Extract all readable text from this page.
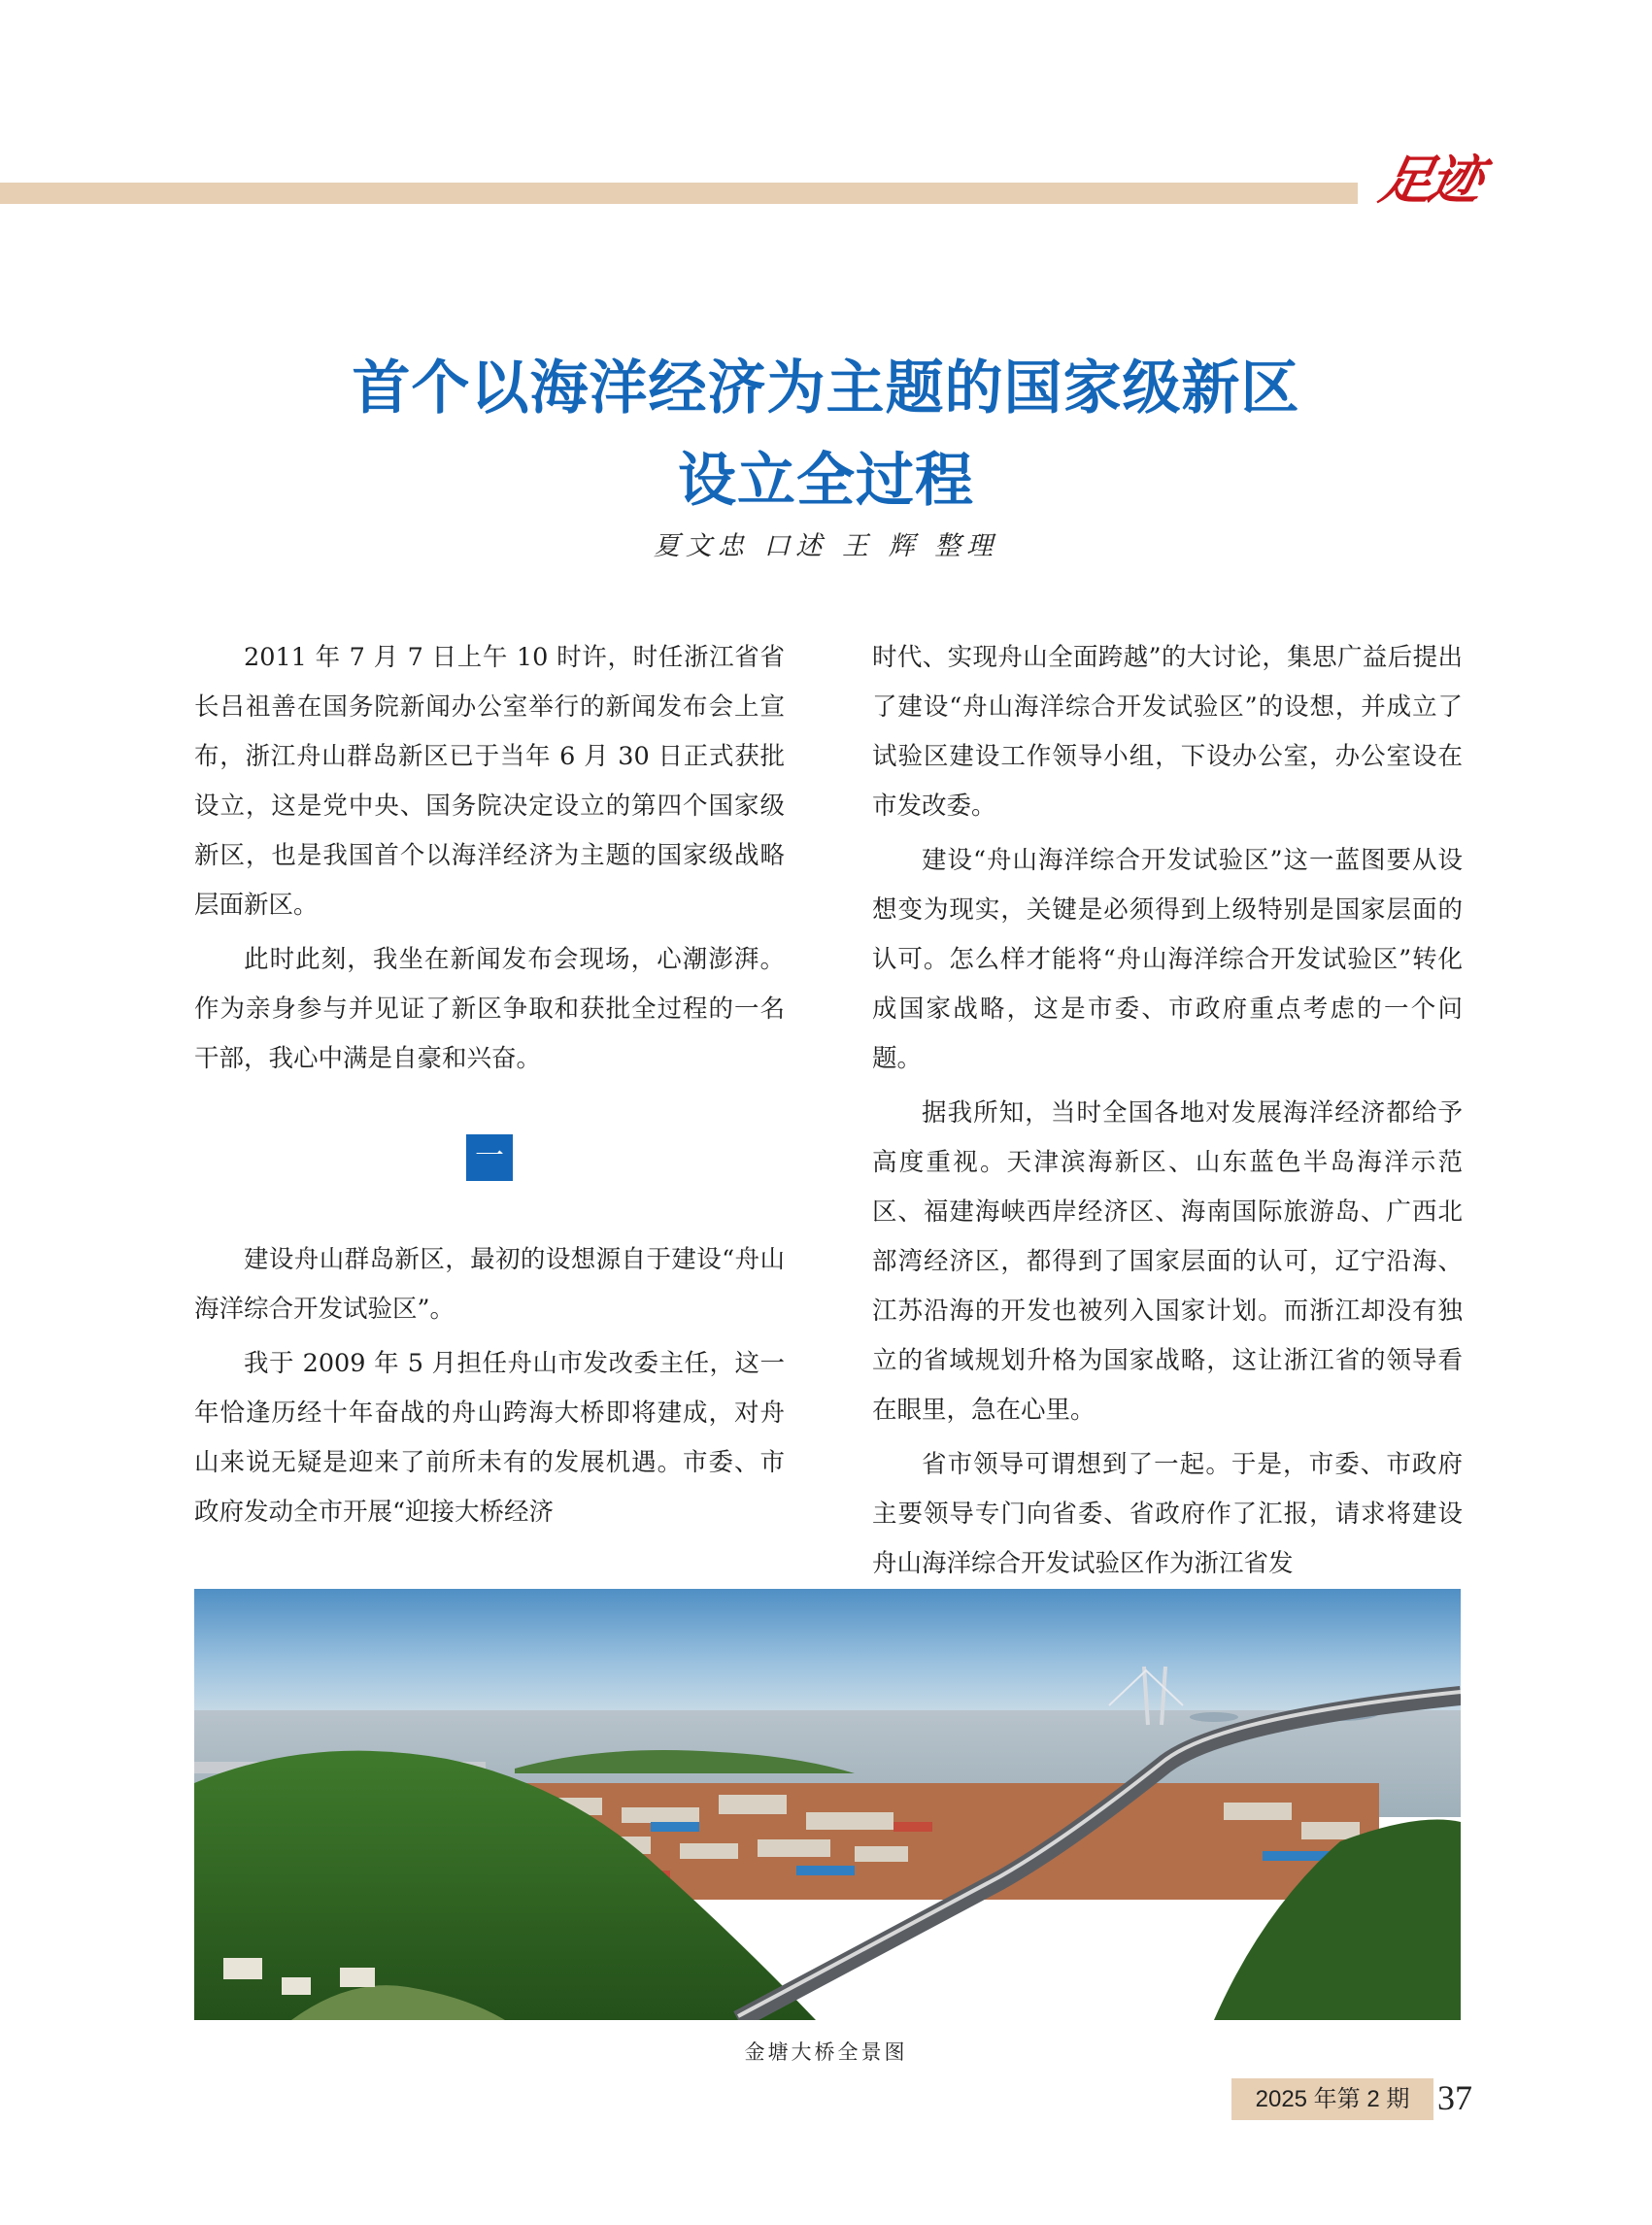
足迹
首个以海洋经济为主题的国家级新区
设立全过程
夏文忠 口述 王 辉 整理

2011 年 7 月 7 日上午 10 时许，时任浙江省省长吕祖善在国务院新闻办公室举行的新闻发布会上宣布，浙江舟山群岛新区已于当年 6 月 30 日正式获批设立，这是党中央、国务院决定设立的第四个国家级新区，也是我国首个以海洋经济为主题的国家级战略层面新区。

此时此刻，我坐在新闻发布会现场，心潮澎湃。作为亲身参与并见证了新区争取和获批全过程的一名干部，我心中满是自豪和兴奋。

一

建设舟山群岛新区，最初的设想源自于建设“舟山海洋综合开发试验区”。

我于 2009 年 5 月担任舟山市发改委主任，这一年恰逢历经十年奋战的舟山跨海大桥即将建成，对舟山来说无疑是迎来了前所未有的发展机遇。市委、市政府发动全市开展“迎接大桥经济

时代、实现舟山全面跨越”的大讨论，集思广益后提出了建设“舟山海洋综合开发试验区”的设想，并成立了试验区建设工作领导小组，下设办公室，办公室设在市发改委。

建设“舟山海洋综合开发试验区”这一蓝图要从设想变为现实，关键是必须得到上级特别是国家层面的认可。怎么样才能将“舟山海洋综合开发试验区”转化成国家战略，这是市委、市政府重点考虑的一个问题。

据我所知，当时全国各地对发展海洋经济都给予高度重视。天津滨海新区、山东蓝色半岛海洋示范区、福建海峡西岸经济区、海南国际旅游岛、广西北部湾经济区，都得到了国家层面的认可，辽宁沿海、江苏沿海的开发也被列入国家计划。而浙江却没有独立的省域规划升格为国家战略，这让浙江省的领导看在眼里，急在心里。

省市领导可谓想到了一起。于是，市委、市政府主要领导专门向省委、省政府作了汇报，请求将建设舟山海洋综合开发试验区作为浙江省发

金塘大桥全景图
2025 年第 2 期 37
